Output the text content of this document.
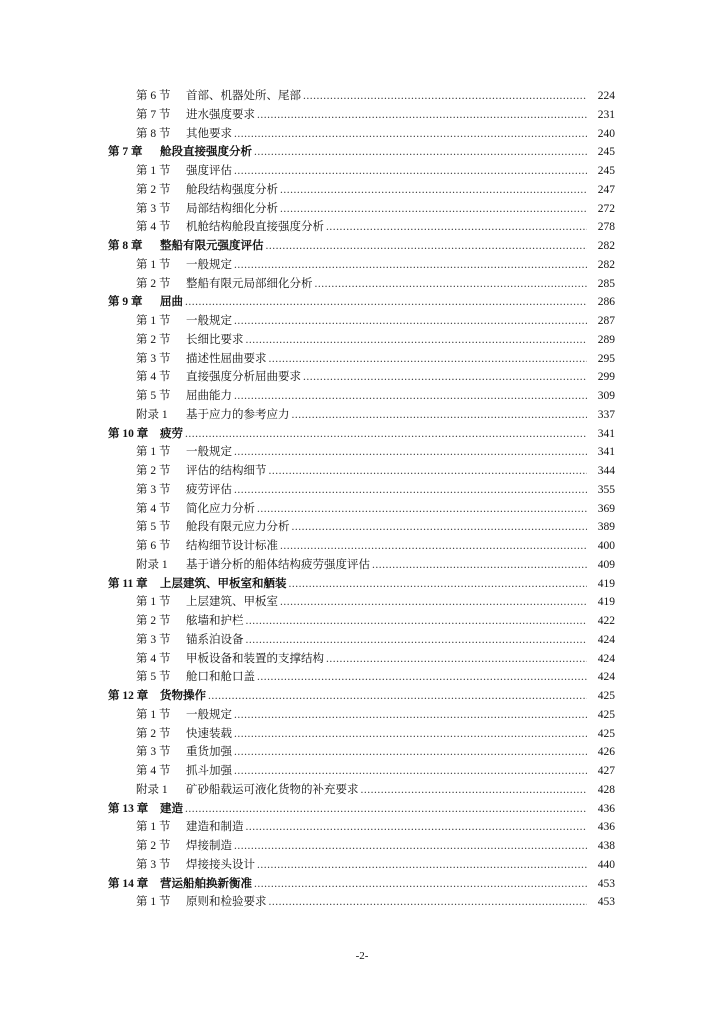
第 6 节	首部、机器处所、尾部 .....	224
第 7 节	进水强度要求 .....	231
第 8 节	其他要求 .....	240
第 7 章	舱段直接强度分析 .....	245
第 1 节	强度评估 .....	245
第 2 节	舱段结构强度分析 .....	247
第 3 节	局部结构细化分析 .....	272
第 4 节	机舱结构舱段直接强度分析 .....	278
第 8 章	整船有限元强度评估 .....	282
第 1 节	一般规定 .....	282
第 2 节	整船有限元局部细化分析 .....	285
第 9 章	屈曲 .....	286
第 1 节	一般规定 .....	287
第 2 节	长细比要求 .....	289
第 3 节	描述性屈曲要求 .....	295
第 4 节	直接强度分析屈曲要求 .....	299
第 5 节	屈曲能力 .....	309
附录 1	基于应力的参考应力 .....	337
第 10 章	疲劳 .....	341
第 1 节	一般规定 .....	341
第 2 节	评估的结构细节 .....	344
第 3 节	疲劳评估 .....	355
第 4 节	简化应力分析 .....	369
第 5 节	舱段有限元应力分析 .....	389
第 6 节	结构细节设计标准 .....	400
附录 1	基于谱分析的船体结构疲劳强度评估 .....	409
第 11 章	上层建筑、甲板室和舾装 .....	419
第 1 节	上层建筑、甲板室 .....	419
第 2 节	舷墙和护栏 .....	422
第 3 节	锚系泊设备 .....	424
第 4 节	甲板设备和装置的支撑结构 .....	424
第 5 节	舱口和舱口盖 .....	424
第 12 章	货物操作 .....	425
第 1 节	一般规定 .....	425
第 2 节	快速装载 .....	425
第 3 节	重货加强 .....	426
第 4 节	抓斗加强 .....	427
附录 1	矿砂船载运可液化货物的补充要求 .....	428
第 13 章	建造 .....	436
第 1 节	建造和制造 .....	436
第 2 节	焊接制造 .....	438
第 3 节	焊接接头设计 .....	440
第 14 章	营运船舶换新衡准 .....	453
第 1 节	原则和检验要求 .....	453
-2-
